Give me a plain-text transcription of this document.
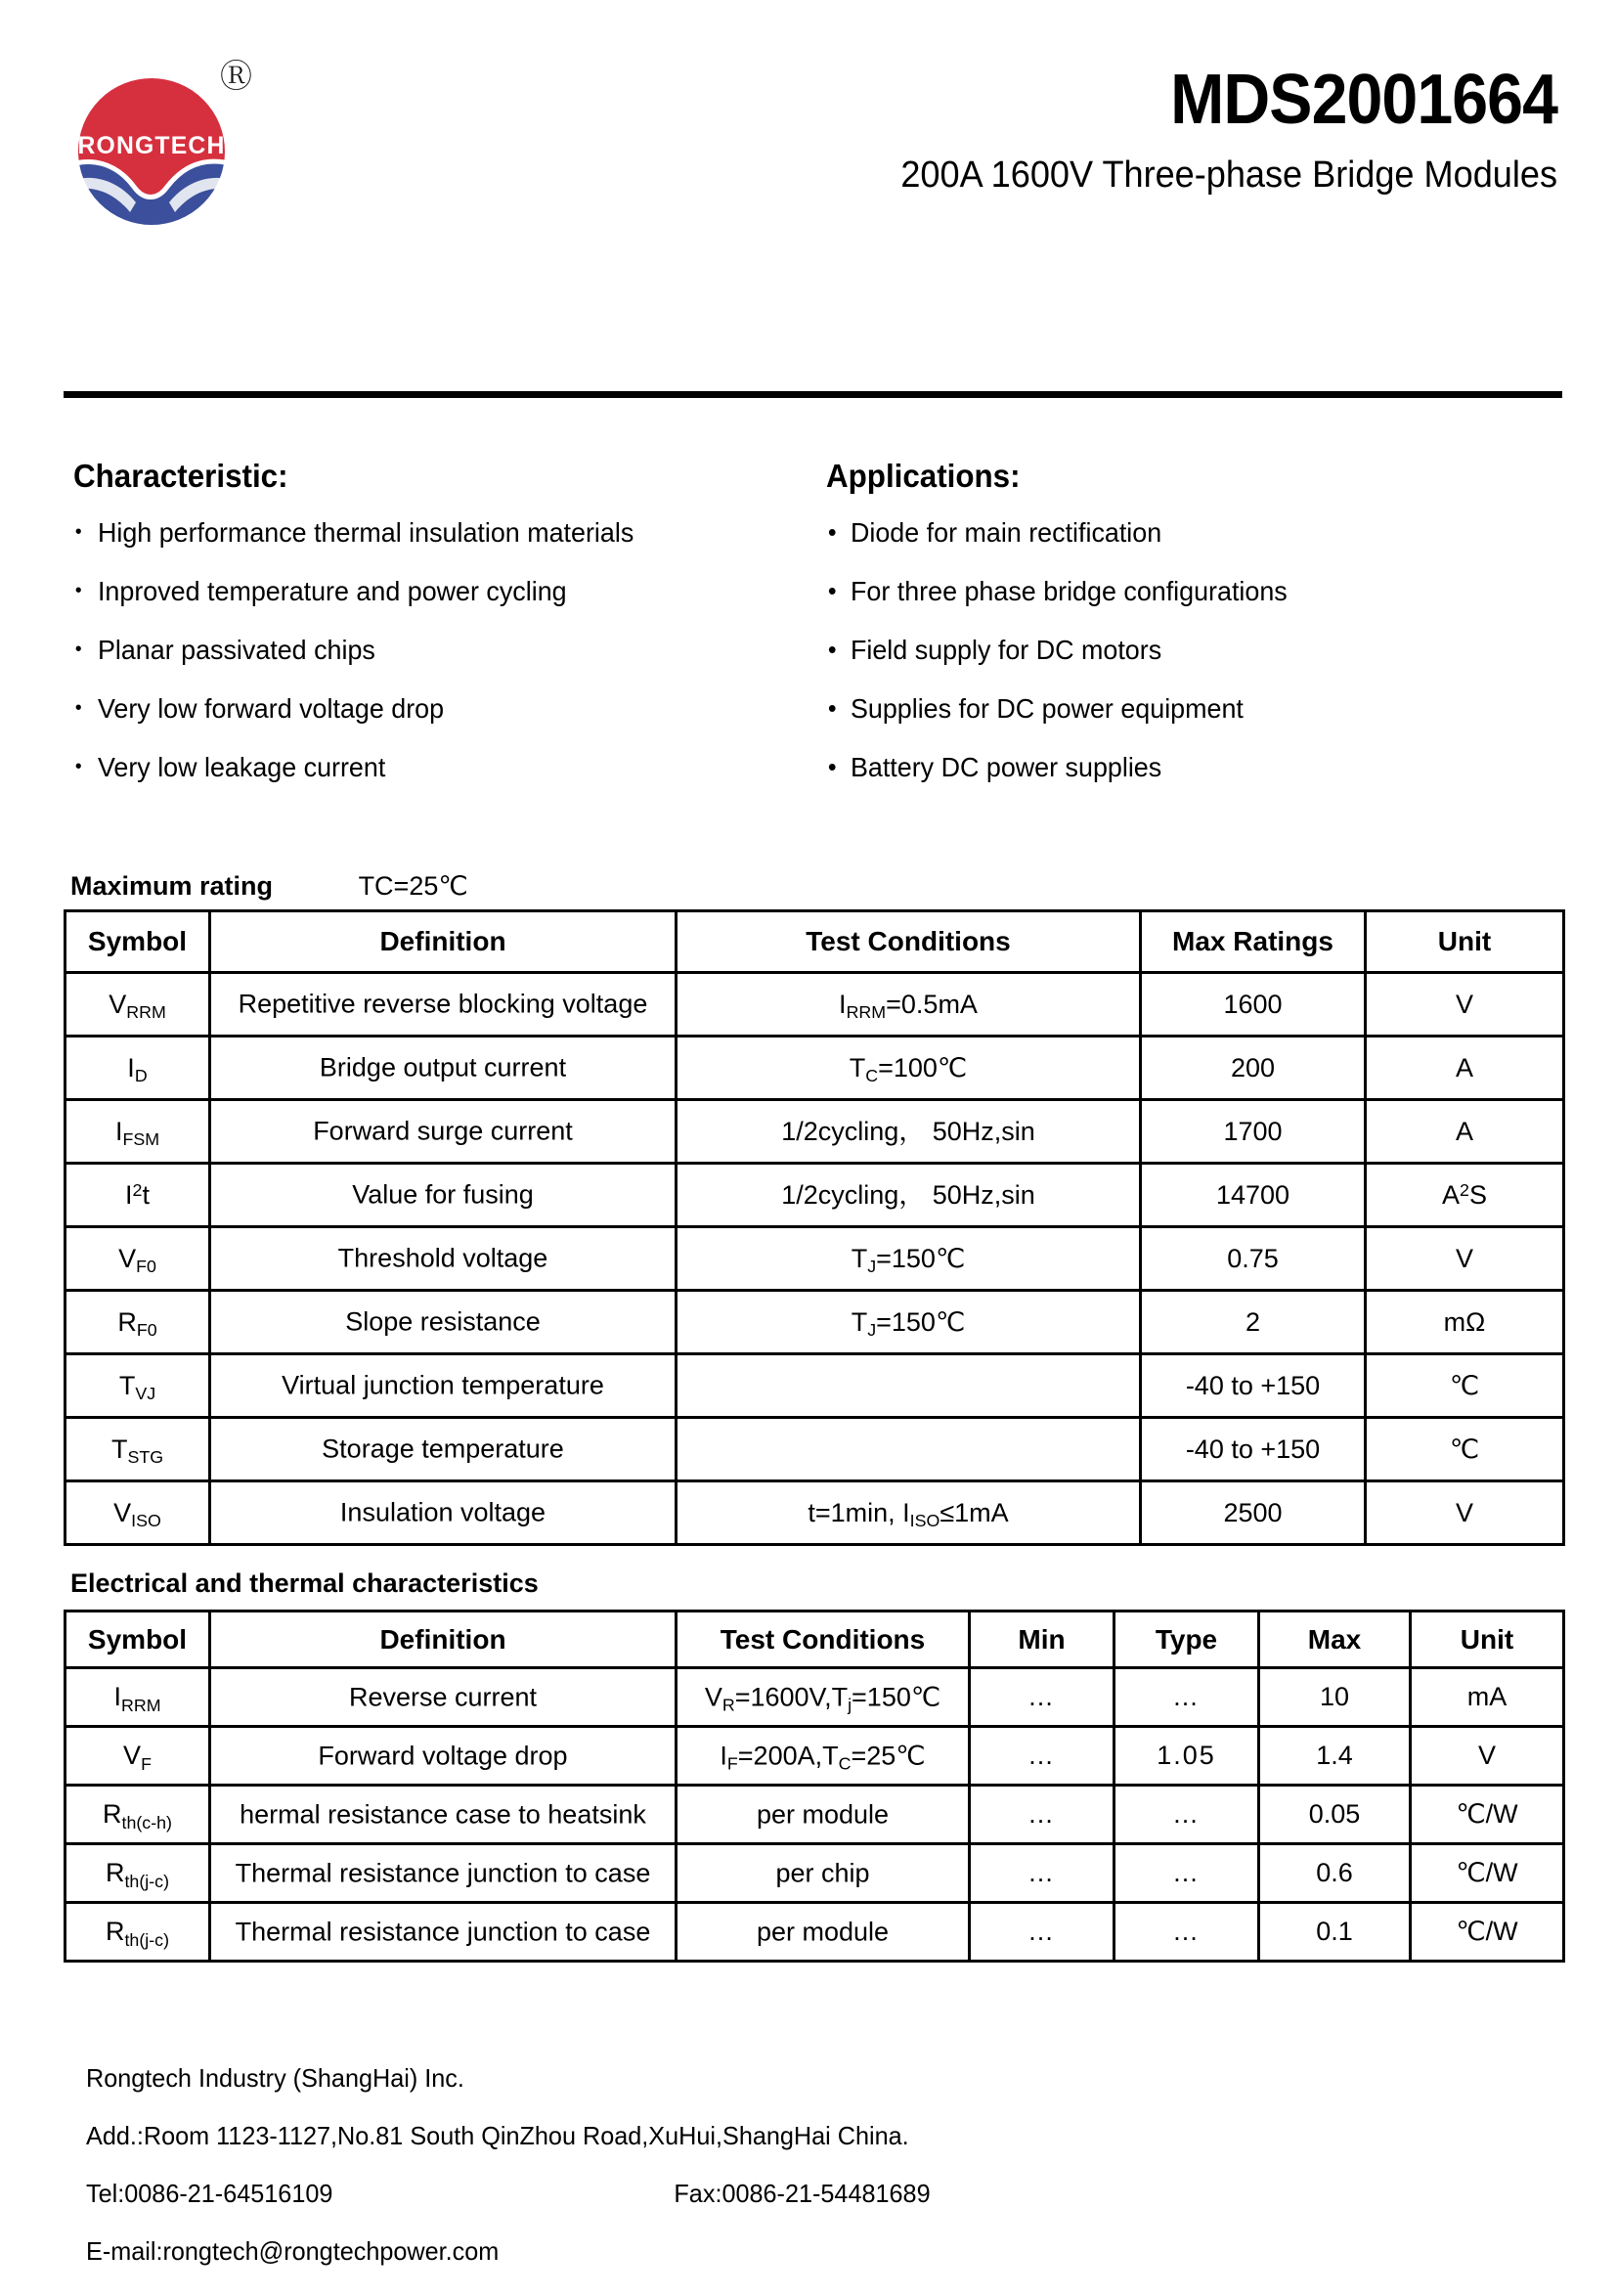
RONGTECH
Ⓡ	MDS2001664
200A 1600V Three-phase Bridge Modules
Characteristic:
• High performance thermal insulation materials
• Inproved temperature and power cycling
• Planar passivated chips
• Very low forward voltage drop
• Very low leakage current
Applications:
• Diode for main rectification
• For three phase bridge configurations
• Field supply for DC motors
• Supplies for DC power equipment
• Battery DC power supplies
Maximum rating	TC=25℃
Symbol	Definition	Test Conditions	Max Ratings	Unit
$V_{RRM}$	Repetitive reverse blocking voltage	$I_{RRM}=0.5mA$	1600	V
$I_D$	Bridge output current	$T_C=100℃$	200	A
$I_{FSM}$	Forward surge current	1/2cycling， 50Hz,sin	1700	A
$I^2t$	Value for fusing	1/2cycling， 50Hz,sin	14700	$A^2S$
$V_{F0}$	Threshold voltage	$T_J=150℃$	0.75	V
$R_{F0}$	Slope resistance	$T_J=150℃$	2	mΩ
$T_{VJ}$	Virtual junction temperature		-40 to +150	℃
$T_{STG}$	Storage temperature		-40 to +150	℃
$V_{ISO}$	Insulation voltage	t=1min, $I_{ISO}\le 1mA$	2500	V
Electrical and thermal characteristics
Symbol	Definition	Test Conditions	Min	Type	Max	Unit
$I_{RRM}$	Reverse current	$V_R=1600V,T_j=150℃$	…	…	10	mA
$V_F$	Forward voltage drop	$I_F=200A,T_C=25℃$	…	1.05	1.4	V
$R_{th(c-h)}$	hermal resistance case to heatsink	per module	…	…	0.05	℃/W
$R_{th(j-c)}$	Thermal resistance junction to case	per chip	…	…	0.6	℃/W
$R_{th(j-c)}$	Thermal resistance junction to case	per module	…	…	0.1	℃/W
Rongtech Industry (ShangHai) Inc.
Add.:Room 1123-1127,No.81 South QinZhou Road,XuHui,ShangHai China.
Tel:0086-21-64516109	Fax:0086-21-54481689
E-mail:rongtech@rongtechpower.com
